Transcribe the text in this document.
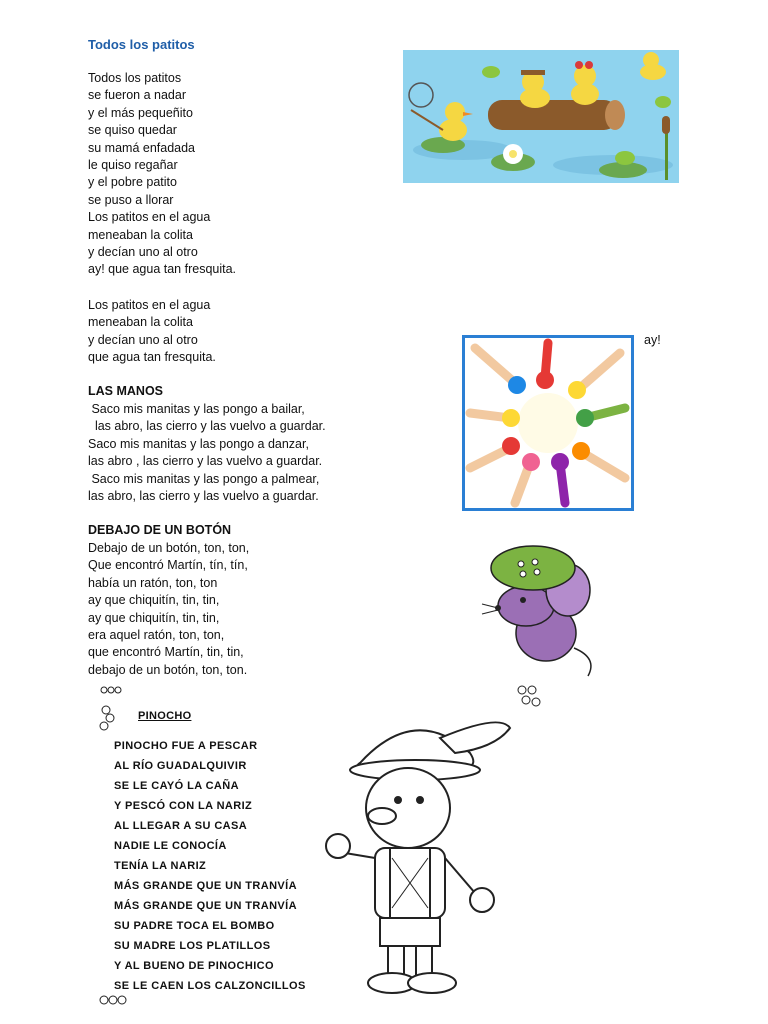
Todos los patitos
Todos los patitos
se fueron a nadar
y el más pequeñito
se quiso quedar
su mamá enfadada
le quiso regañar
y el pobre patito
se puso a llorar
Los patitos en el agua
meneaban la colita
y decían uno al otro
ay! que agua tan fresquita.
Los patitos en el agua
meneaban la colita
y decían uno al otro
que agua tan fresquita.
ay!
LAS MANOS
Saco mis manitas y las pongo a bailar,
las abro, las cierro y las vuelvo a guardar.
Saco mis manitas y las pongo a danzar,
las abro , las cierro y las vuelvo a guardar.
Saco mis manitas y las pongo a palmear,
las abro, las cierro y las vuelvo a guardar.
DEBAJO DE UN BOTÓN
Debajo de un botón, ton, ton,
Que encontró Martín, tín, tín,
había un ratón, ton, ton
ay que chiquitín, tin, tin,
ay que chiquitín, tin, tin,
era aquel ratón, ton, ton,
que encontró Martín, tin, tin,
debajo de un botón, ton, ton.
PINOCHO
PINOCHO FUE A PESCAR
AL RÍO GUADALQUIVIR
SE LE CAYÓ LA CAÑA
Y PESCÓ CON LA NARIZ
AL LLEGAR A SU CASA
NADIE LE CONOCÍA
TENÍA LA NARIZ
MÁS GRANDE QUE UN TRANVÍA
MÁS GRANDE QUE UN TRANVÍA
SU PADRE TOCA EL BOMBO
SU MADRE LOS PLATILLOS
Y AL BUENO DE PINOCHICO
SE LE CAEN LOS CALZONCILLOS
